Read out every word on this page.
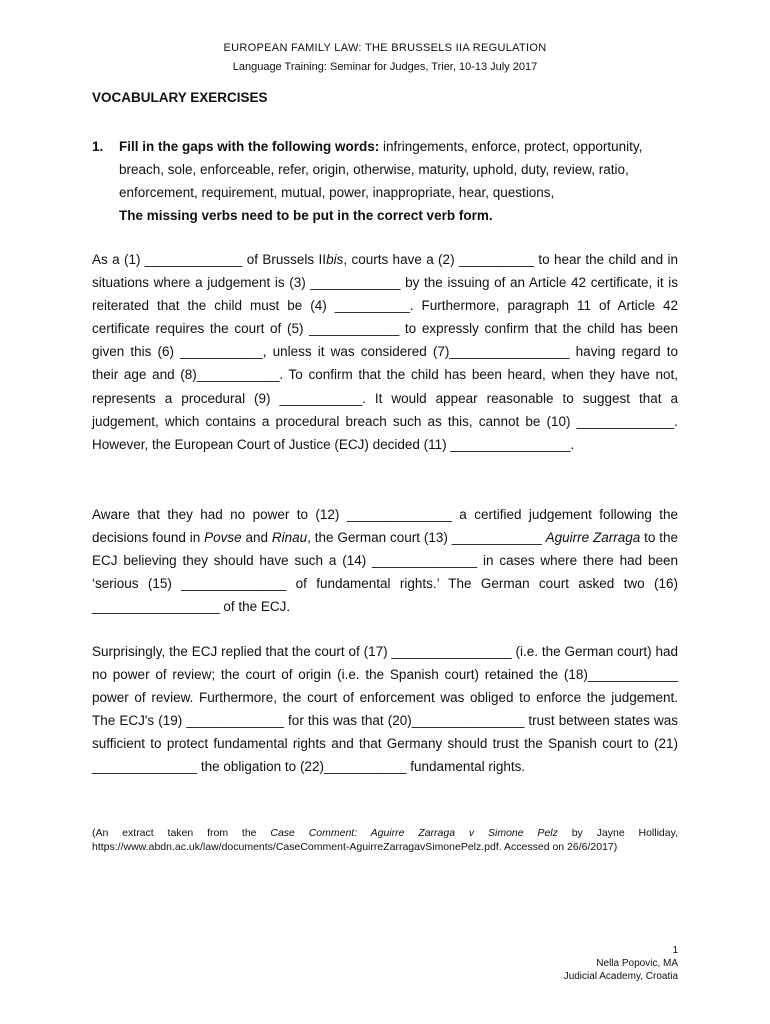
EUROPEAN FAMILY LAW: THE BRUSSELS IIA REGULATION
Language Training: Seminar for Judges, Trier, 10-13 July 2017
VOCABULARY EXERCISES
1. Fill in the gaps with the following words: infringements, enforce, protect, opportunity, breach, sole, enforceable, refer, origin, otherwise, maturity, uphold, duty, review, ratio, enforcement, requirement, mutual, power, inappropriate, hear, questions,
The missing verbs need to be put in the correct verb form.
As a (1) _____________ of Brussels IIbis, courts have a (2) __________ to hear the child and in situations where a judgement is (3) ____________ by the issuing of an Article 42 certificate, it is reiterated that the child must be (4) __________. Furthermore, paragraph 11 of Article 42 certificate requires the court of (5) ____________ to expressly confirm that the child has been given this (6) ___________, unless it was considered (7)________________ having regard to their age and (8)___________. To confirm that the child has been heard, when they have not, represents a procedural (9) ___________. It would appear reasonable to suggest that a judgement, which contains a procedural breach such as this, cannot be (10) _____________. However, the European Court of Justice (ECJ) decided (11) ________________.
Aware that they had no power to (12) ______________ a certified judgement following the decisions found in Povse and Rinau, the German court (13) ____________ Aguirre Zarraga to the ECJ believing they should have such a (14) ______________ in cases where there had been ‘serious (15) ______________ of fundamental rights.’ The German court asked two (16) _________________ of the ECJ.
Surprisingly, the ECJ replied that the court of (17) ________________ (i.e. the German court) had no power of review; the court of origin (i.e. the Spanish court) retained the (18)____________ power of review. Furthermore, the court of enforcement was obliged to enforce the judgement. The ECJ's (19) _____________ for this was that (20)_______________ trust between states was sufficient to protect fundamental rights and that Germany should trust the Spanish court to (21) ______________ the obligation to (22)___________ fundamental rights.
(An extract taken from the Case Comment: Aguirre Zarraga v Simone Pelz by Jayne Holliday, https://www.abdn.ac.uk/law/documents/CaseComment-AguirreZarragavSimonePelz.pdf. Accessed on 26/6/2017)
1
Nella Popovic, MA
Judicial Academy, Croatia
